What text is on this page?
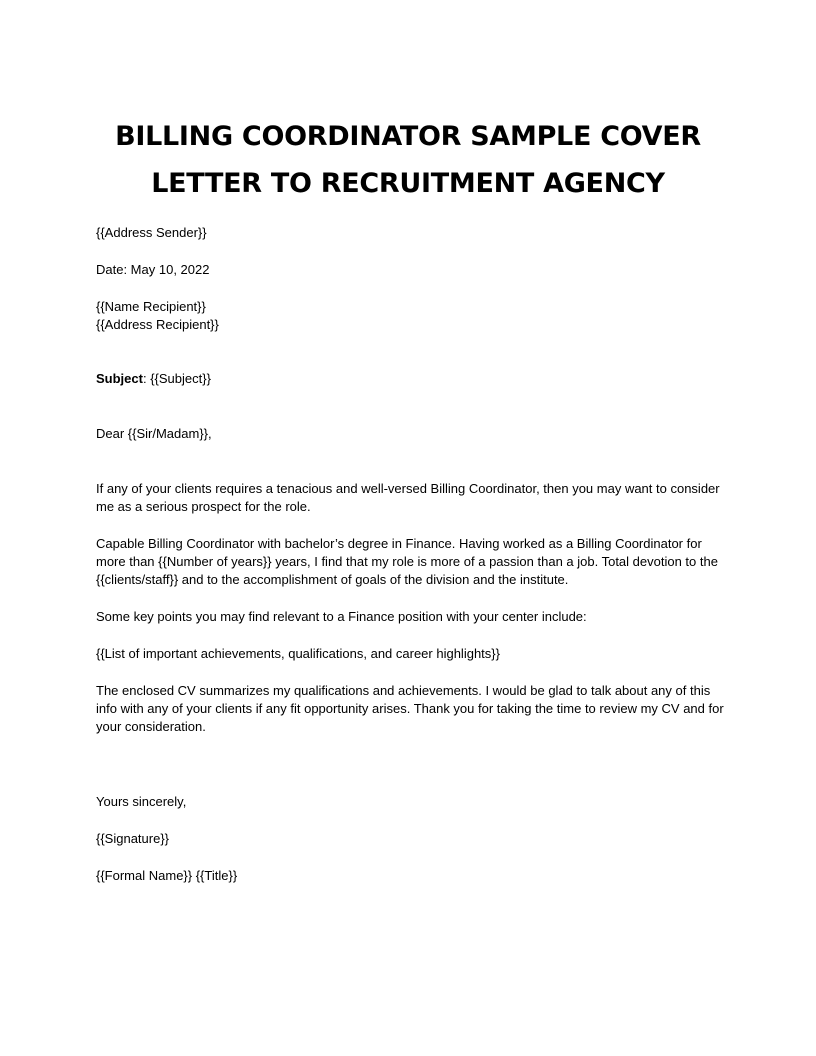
BILLING COORDINATOR SAMPLE COVER
LETTER TO RECRUITMENT AGENCY

{{Address Sender}}

Date: May 10, 2022

{{Name Recipient}}

{{Address Recipient}}

Subject: {{Subject}}

Dear {{Sir/Madam}},

If any of your clients requires a tenacious and well-versed Billing Coordinator, then you may want to consider me as a serious prospect for the role.

Capable Billing Coordinator with bachelor’s degree in Finance. Having worked as a Billing Coordinator for more than {{Number of years}} years, I find that my role is more of a passion than a job. Total devotion to the {{clients/staff}} and to the accomplishment of goals of the division and the institute.

Some key points you may find relevant to a Finance position with your center include:

{{List of important achievements, qualifications, and career highlights}}

The enclosed CV summarizes my qualifications and achievements. I would be glad to talk about any of this info with any of your clients if any fit opportunity arises. Thank you for taking the time to review my CV and for your consideration.

Yours sincerely,

{{Signature}}

{{Formal Name}} {{Title}}
